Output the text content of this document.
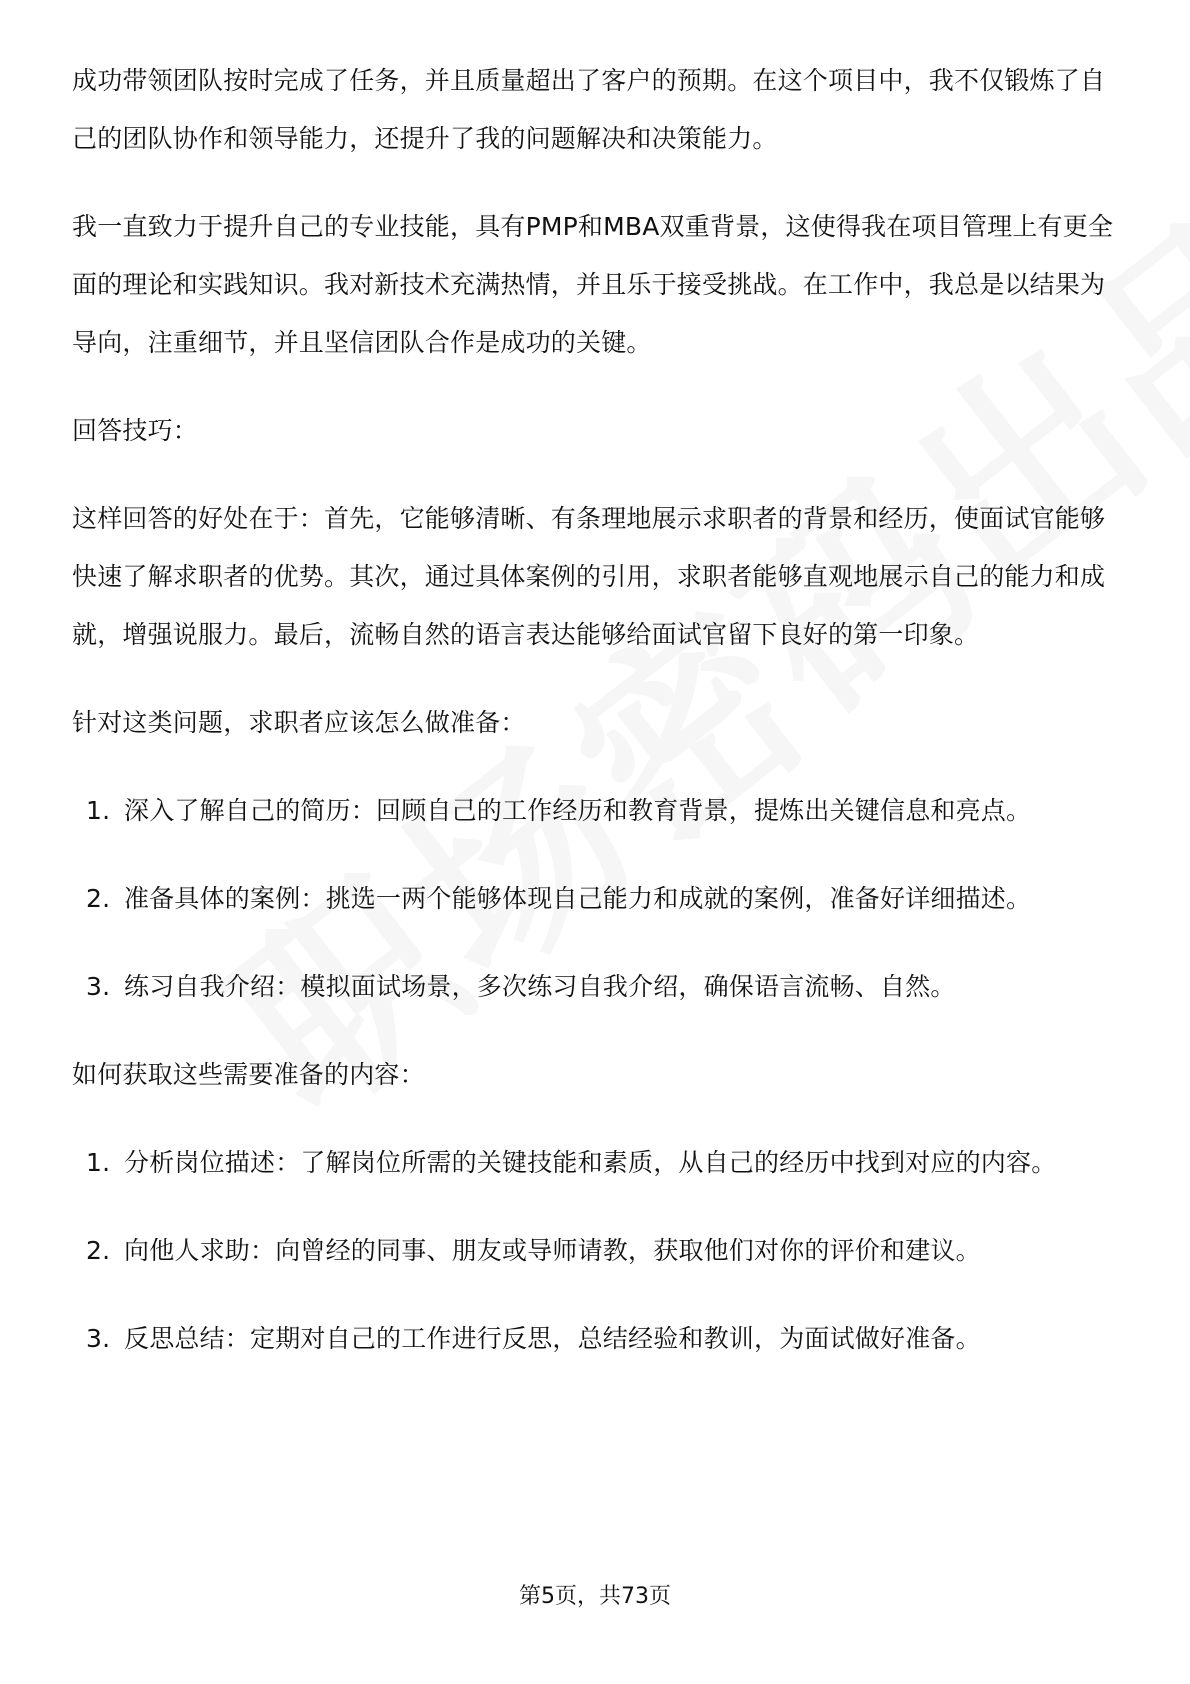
成功带领团队按时完成了任务，并且质量超出了客户的预期。在这个项目中，我不仅锻炼了自己的团队协作和领导能力，还提升了我的问题解决和决策能力。

我一直致力于提升自己的专业技能，具有PMP和MBA双重背景，这使得我在项目管理上有更全面的理论和实践知识。我对新技术充满热情，并且乐于接受挑战。在工作中，我总是以结果为导向，注重细节，并且坚信团队合作是成功的关键。

回答技巧：

这样回答的好处在于：首先，它能够清晰、有条理地展示求职者的背景和经历，使面试官能够快速了解求职者的优势。其次，通过具体案例的引用，求职者能够直观地展示自己的能力和成就，增强说服力。最后，流畅自然的语言表达能够给面试官留下良好的第一印象。

针对这类问题，求职者应该怎么做准备：

1. 深入了解自己的简历：回顾自己的工作经历和教育背景，提炼出关键信息和亮点。
2. 准备具体的案例：挑选一两个能够体现自己能力和成就的案例，准备好详细描述。
3. 练习自我介绍：模拟面试场景，多次练习自我介绍，确保语言流畅、自然。

如何获取这些需要准备的内容：

1. 分析岗位描述：了解岗位所需的关键技能和素质，从自己的经历中找到对应的内容。
2. 向他人求助：向曾经的同事、朋友或导师请教，获取他们对你的评价和建议。
3. 反思总结：定期对自己的工作进行反思，总结经验和教训，为面试做好准备。
第5页，共73页
